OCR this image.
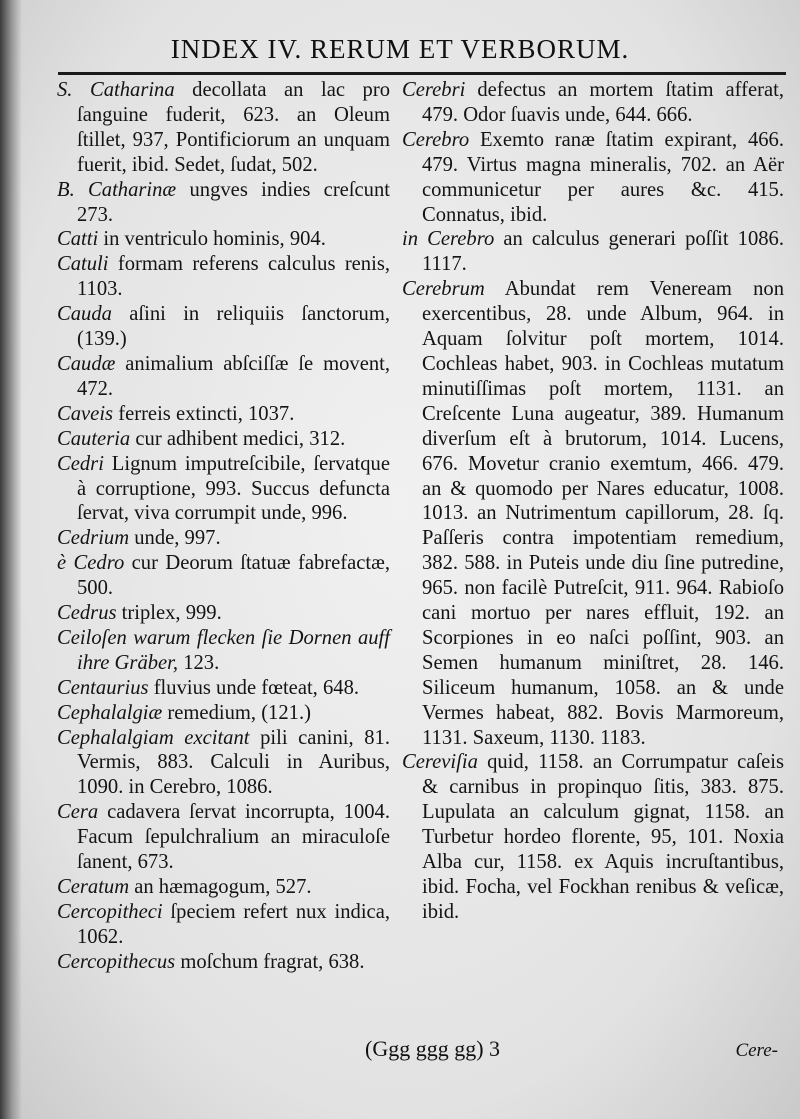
INDEX IV. RERUM ET VERBORUM.

S. Catharina decollata an lac pro ſanguine fuderit, 623. an Oleum ſtillet, 937, Pontificiorum an unquam fuerit, ibid. Sedet, ſudat, 502.

B. Catharinæ ungves indies creſcunt 273.

Catti in ventriculo hominis, 904.

Catuli formam referens calculus renis, 1103.

Cauda aſini in reliquiis ſanctorum, (139.)

Caudæ animalium abſciſſæ ſe movent, 472.

Caveis ferreis extincti, 1037.

Cauteria cur adhibent medici, 312.

Cedri Lignum imputreſcibile, ſervatque à corruptione, 993. Succus defuncta ſervat, viva corrumpit unde, 996.

Cedrium unde, 997.

è Cedro cur Deorum ſtatuæ fabrefactæ, 500.

Cedrus triplex, 999.

Ceiloſen warum flecken ſie Dornen auff ihre Gräber, 123.

Centaurius fluvius unde fœteat, 648.

Cephalalgiæ remedium, (121.)

Cephalalgiam excitant pili canini, 81. Vermis, 883. Calculi in Auribus, 1090. in Cerebro, 1086.

Cera cadavera ſervat incorrupta, 1004. Facum ſepulchralium an miraculoſe ſanent, 673.

Ceratum an hæmagogum, 527.

Cercopitheci ſpeciem refert nux indica, 1062.

Cercopithecus moſchum fragrat, 638.

Cerebri defectus an mortem ſtatim afferat, 479. Odor ſuavis unde, 644. 666.

Cerebro Exemto ranæ ſtatim expirant, 466. 479. Virtus magna mineralis, 702. an Aër communicetur per aures &c. 415. Connatus, ibid.

in Cerebro an calculus generari poſſit 1086. 1117.

Cerebrum Abundat rem Veneream non exercentibus, 28. unde Album, 964. in Aquam ſolvitur poſt mortem, 1014. Cochleas habet, 903. in Cochleas mutatum minutiſſimas poſt mortem, 1131. an Creſcente Luna augeatur, 389. Humanum diverſum eſt à brutorum, 1014. Lucens, 676. Movetur cranio exemtum, 466. 479. an & quomodo per Nares educatur, 1008. 1013. an Nutrimentum capillorum, 28. ſq. Paſſeris contra impotentiam remedium, 382. 588. in Puteis unde diu ſine putredine, 965. non facilè Putreſcit, 911. 964. Rabioſo cani mortuo per nares effluit, 192. an Scorpiones in eo naſci poſſint, 903. an Semen humanum miniſtret, 28. 146. Siliceum humanum, 1058. an & unde Vermes habeat, 882. Bovis Marmoreum, 1131. Saxeum, 1130. 1183.

Cereviſia quid, 1158. an Corrumpatur caſeis & carnibus in propinquo ſitis, 383. 875. Lupulata an calculum gignat, 1158. an Turbetur hordeo florente, 95, 101. Noxia Alba cur, 1158. ex Aquis incruſtantibus, ibid. Focha, vel Fockhan renibus & veſicæ, ibid.

(Ggg ggg gg) 3	Cere-
